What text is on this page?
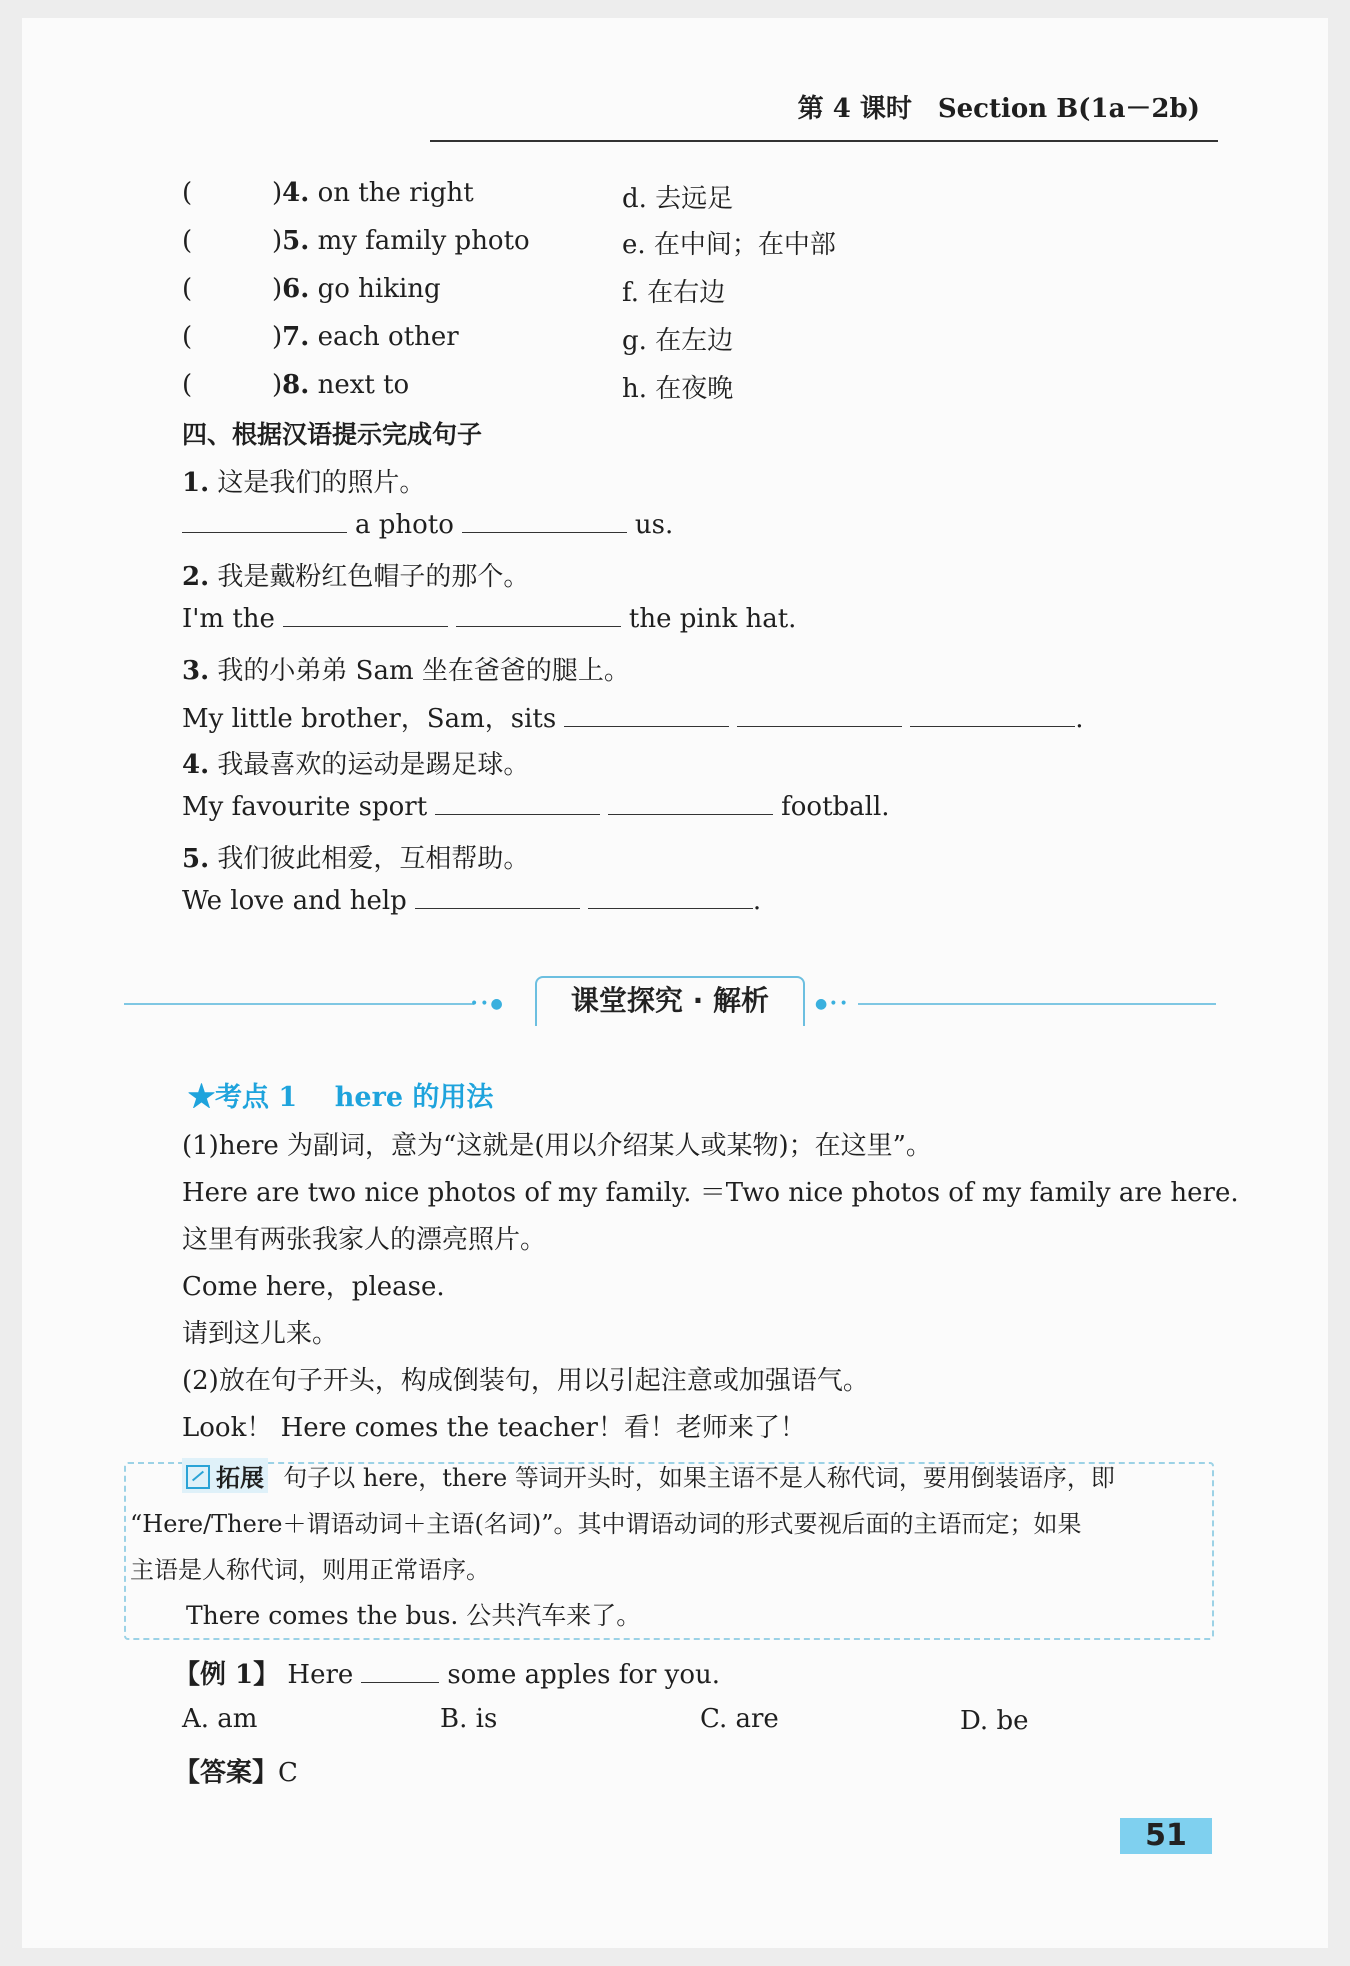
第 4 课时　Section B(1a－2b)
(	)4. on the right	d. 去远足
(	)5. my family photo	e. 在中间；在中部
(	)6. go hiking	f. 在右边
(	)7. each other	g. 在左边
(	)8. next to	h. 在夜晚
四、根据汉语提示完成句子
1. 这是我们的照片。
a photo	us.
2. 我是戴粉红色帽子的那个。
I'm the	the pink hat.
3. 我的小弟弟 Sam 坐在爸爸的腿上。
My little brother，Sam，sits	.
4. 我最喜欢的运动是踢足球。
My favourite sport	football.
5. 我们彼此相爱，互相帮助。
We love and help	.
••●	课堂探究 · 解析	●••
★考点 1 here 的用法
(1)here 为副词，意为“这就是(用以介绍某人或某物)；在这里”。
Here are two nice photos of my family. ＝Two nice photos of my family are here.
这里有两张我家人的漂亮照片。
Come here，please.
请到这儿来。
(2)放在句子开头，构成倒装句，用以引起注意或加强语气。
Look！ Here comes the teacher！看！老师来了！
拓展 句子以 here，there 等词开头时，如果主语不是人称代词，要用倒装语序，即
“Here/There＋谓语动词＋主语(名词)”。其中谓语动词的形式要视后面的主语而定；如果
主语是人称代词，则用正常语序。
There comes the bus. 公共汽车来了。
【例 1】 Here	some apples for you.
A. am	B. is	C. are	D. be
【答案】C
51
